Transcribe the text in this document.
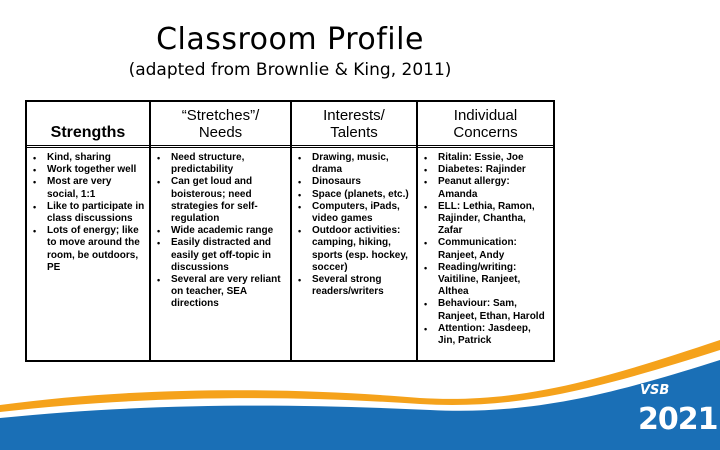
Classroom Profile
(adapted from Brownlie & King, 2011)
Strengths
• Kind, sharing
• Work together well
• Most are very social, 1:1
• Like to participate in class discussions
• Lots of energy; like to move around the room, be outdoors, PE
“Stretches”/
Needs
• Need structure, predictability
• Can get loud and boisterous; need strategies for self-regulation
• Wide academic range
• Easily distracted and easily get off-topic in discussions
• Several are very reliant on teacher, SEA directions
Interests/
Talents
• Drawing, music, drama
• Dinosaurs
• Space (planets, etc.)
• Computers, iPads, video games
• Outdoor activities: camping, hiking, sports (esp. hockey, soccer)
• Several strong readers/writers
Individual
Concerns
• Ritalin: Essie, Joe
• Diabetes: Rajinder
• Peanut allergy: Amanda
• ELL: Lethia, Ramon, Rajinder, Chantha, Zafar
• Communication: Ranjeet, Andy
• Reading/writing: Vaitiline, Ranjeet, Althea
• Behaviour: Sam, Ranjeet, Ethan, Harold
• Attention: Jasdeep, Jin, Patrick
VSB
2021
